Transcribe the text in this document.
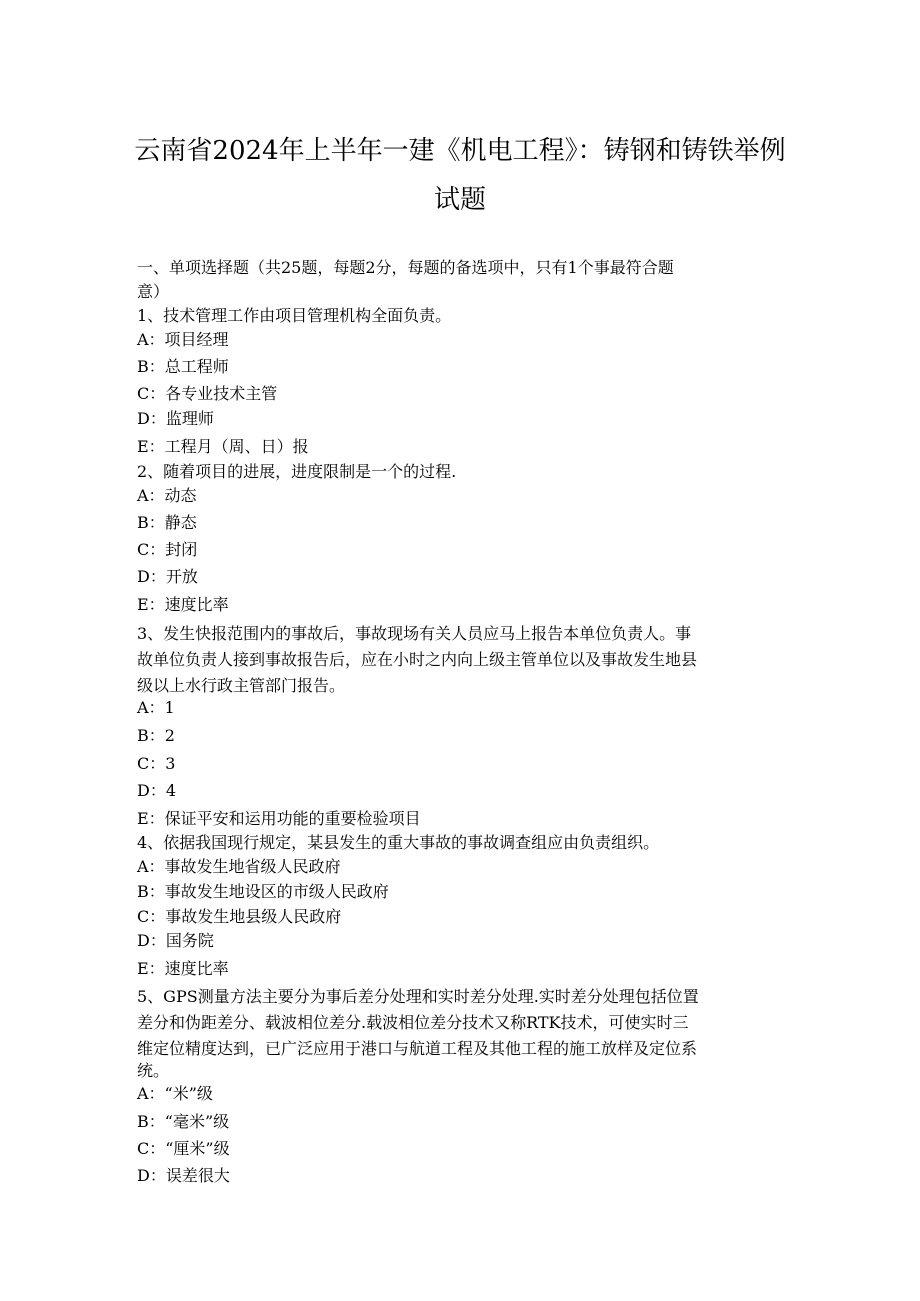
云南省2024年上半年一建《机电工程》：铸钢和铸铁举例
试题
一、单项选择题（共25题，每题2分，每题的备选项中，只有1个事最符合题
意）
1、技术管理工作由项目管理机构全面负责。
A：项目经理
B：总工程师
C：各专业技术主管
D：监理师
E：工程月（周、日）报
2、随着项目的进展，进度限制是一个的过程.
A：动态
B：静态
C：封闭
D：开放
E：速度比率
3、发生快报范围内的事故后，事故现场有关人员应马上报告本单位负责人。事
故单位负责人接到事故报告后，应在小时之内向上级主管单位以及事故发生地县
级以上水行政主管部门报告。
A：1
B：2
C：3
D：4
E：保证平安和运用功能的重要检验项目
4、依据我国现行规定，某县发生的重大事故的事故调查组应由负责组织。
A：事故发生地省级人民政府
B：事故发生地设区的市级人民政府
C：事故发生地县级人民政府
D：国务院
E：速度比率
5、GPS测量方法主要分为事后差分处理和实时差分处理.实时差分处理包括位置
差分和伪距差分、载波相位差分.载波相位差分技术又称RTK技术，可使实时三
维定位精度达到，已广泛应用于港口与航道工程及其他工程的施工放样及定位系
统。
A：“米”级
B：“毫米”级
C：“厘米”级
D：误差很大
